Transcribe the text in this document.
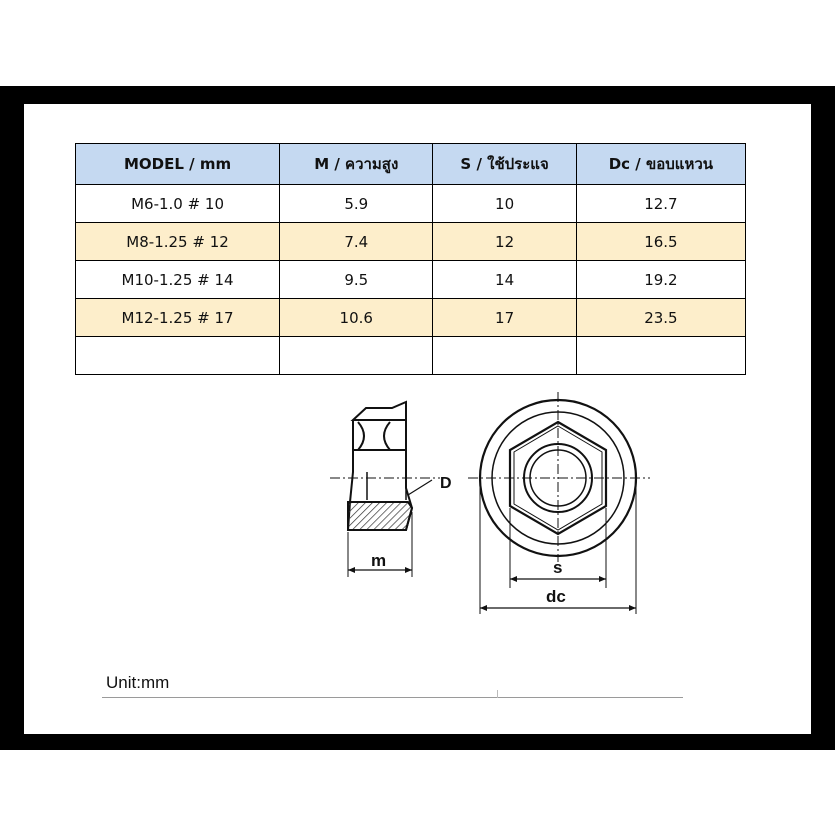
MODEL / mm	M / ความสูง	S / ใช้ประแจ	Dc / ขอบแหวน
M6-1.0 # 10	5.9	10	12.7
M8-1.25 # 12	7.4	12	16.5
M10-1.25 # 14	9.5	14	19.2
M12-1.25 # 17	10.6	17	23.5

D
m	s
dc
Unit:mm
